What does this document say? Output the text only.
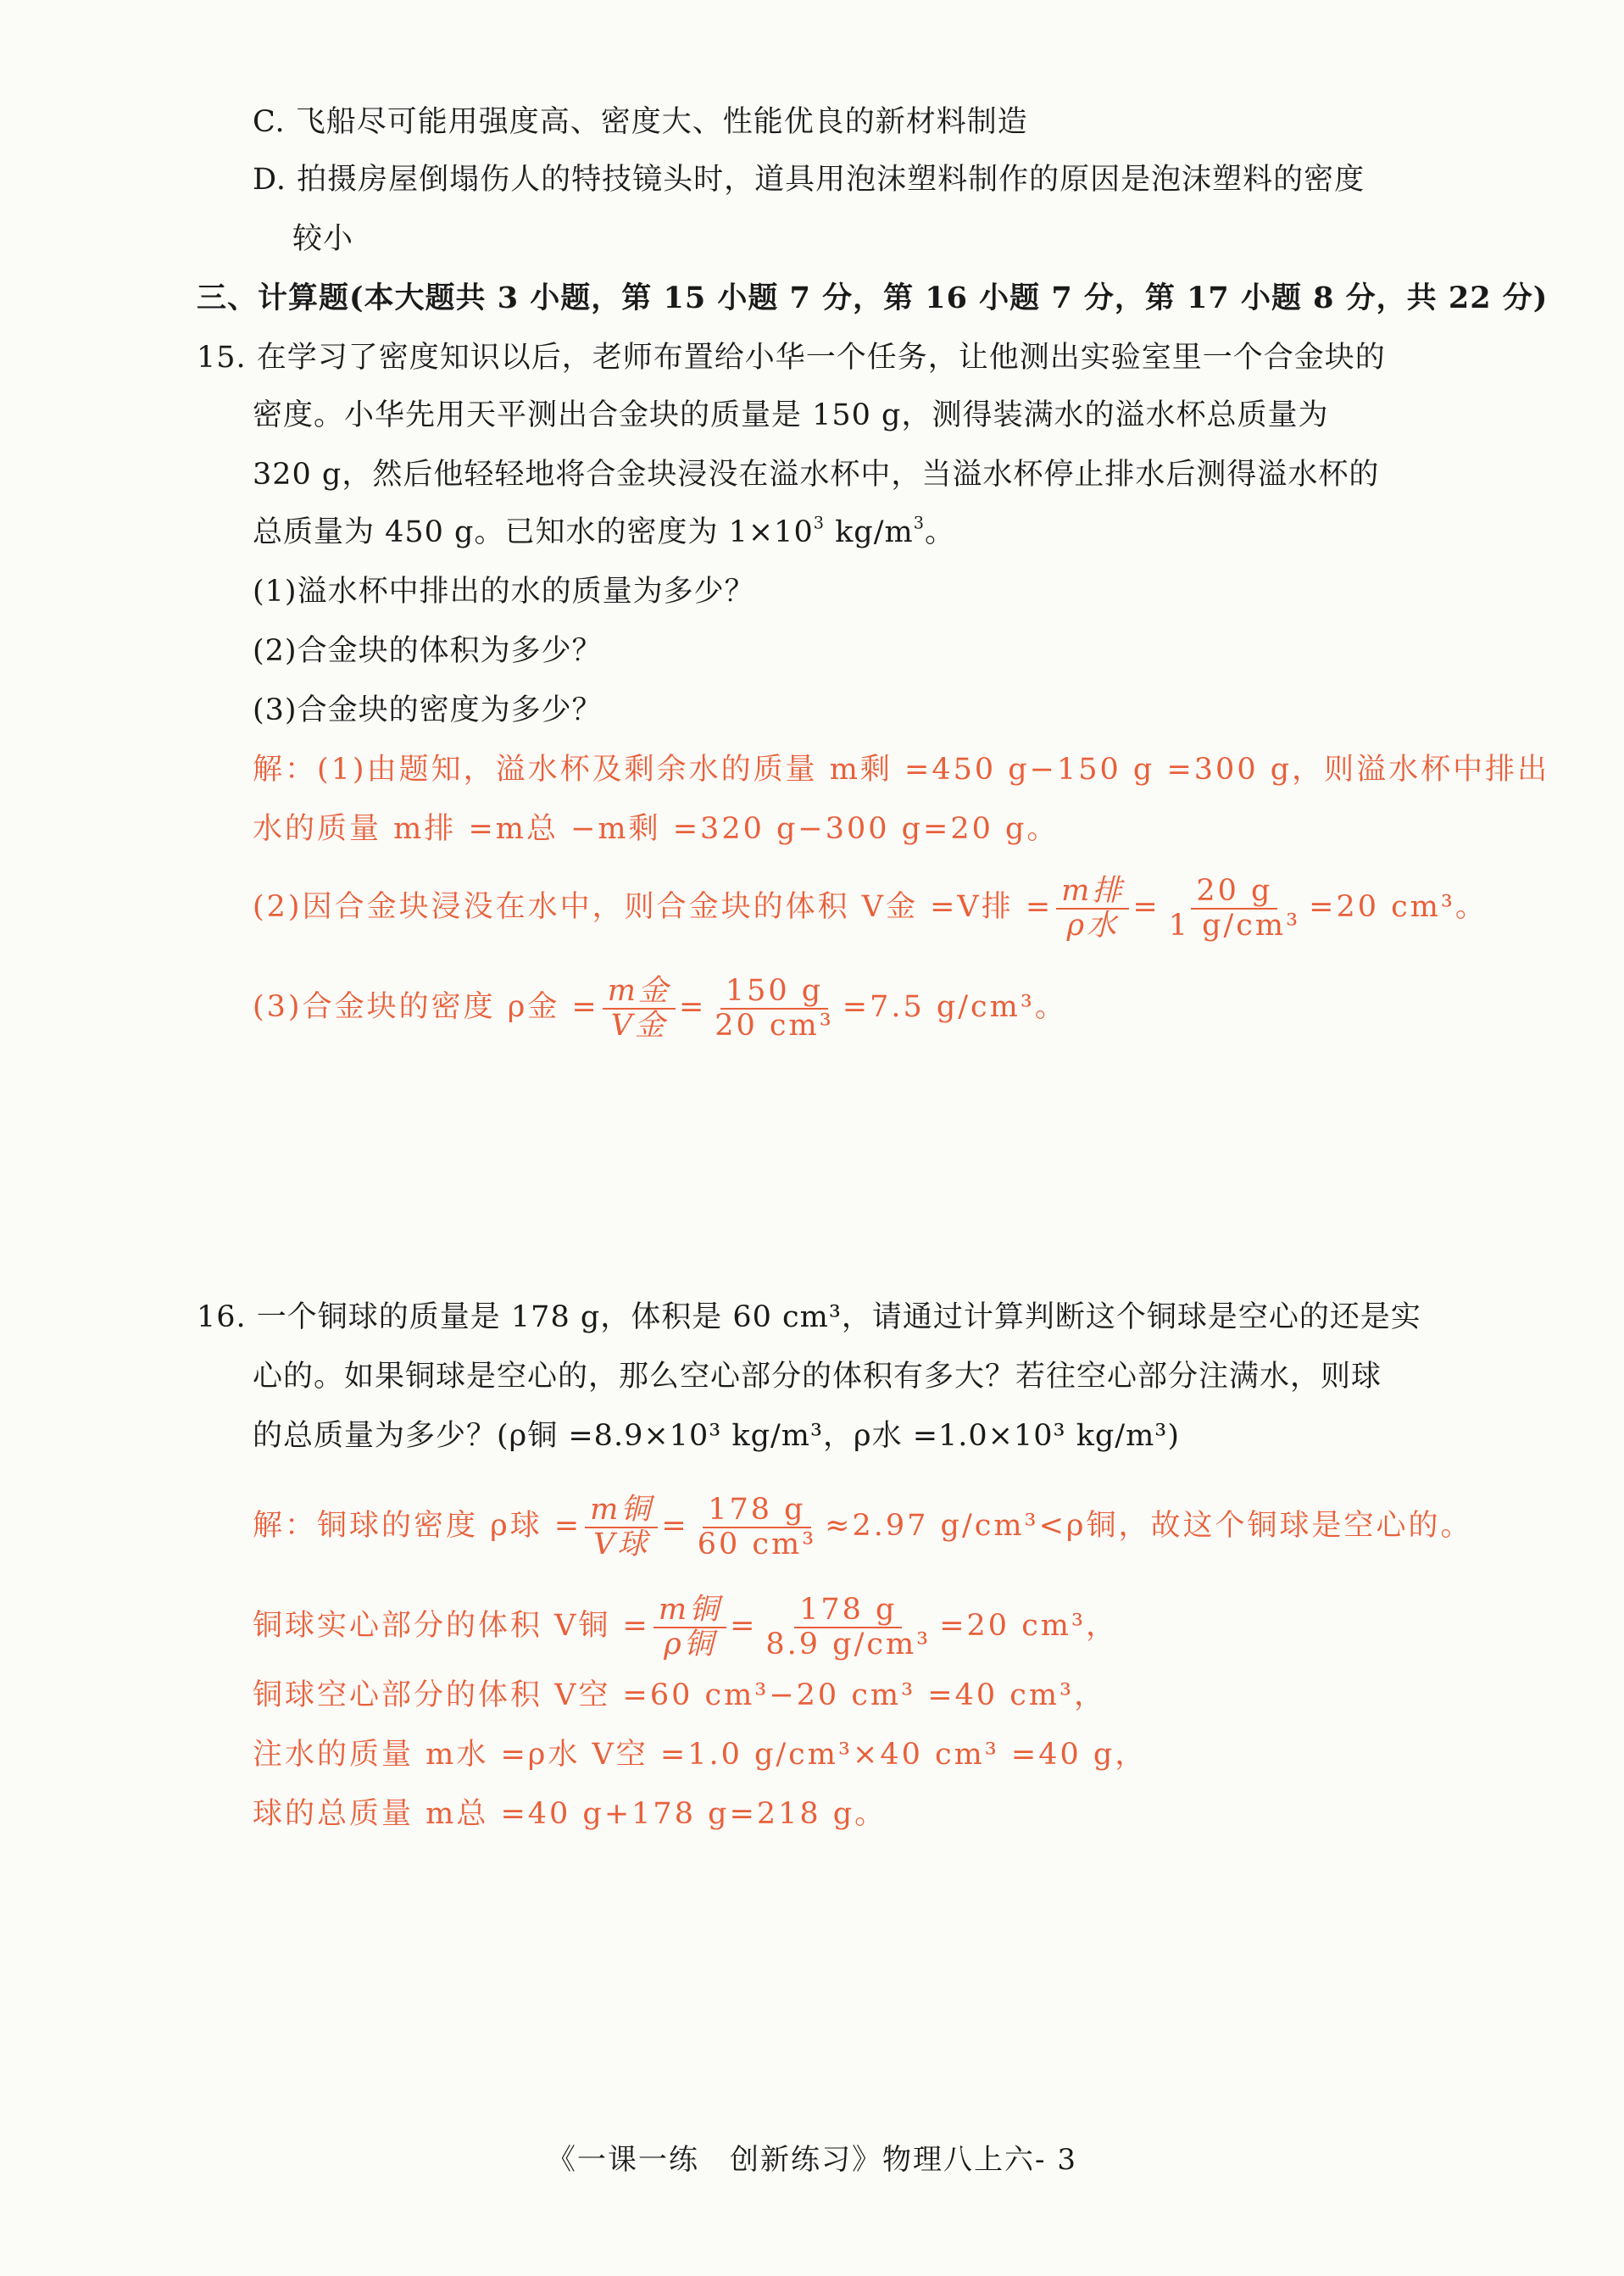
C. 飞船尽可能用强度高、密度大、性能优良的新材料制造
D. 拍摄房屋倒塌伤人的特技镜头时，道具用泡沫塑料制作的原因是泡沫塑料的密度
较小
三、计算题(本大题共 3 小题，第 15 小题 7 分，第 16 小题 7 分，第 17 小题 8 分，共 22 分)
15. 在学习了密度知识以后，老师布置给小华一个任务，让他测出实验室里一个合金块的
密度。小华先用天平测出合金块的质量是 150 g，测得装满水的溢水杯总质量为
320 g，然后他轻轻地将合金块浸没在溢水杯中，当溢水杯停止排水后测得溢水杯的
总质量为 450 g。已知水的密度为 $1\times 10^3$ $kg/m^3$。
(1)溢水杯中排出的水的质量为多少？
(2)合金块的体积为多少？
(3)合金块的密度为多少？
解：(1)由题知，溢水杯及剩余水的质量 m剩 =450 g−150 g =300 g，则溢水杯中排出
水的质量 m排 =m总 −m剩 =320 g−300 g=20 g。
(2)因合金块浸没在水中，则合金块的体积 V金 =V排 = $\frac{\text{m排}}{\text{ρ水}} = \frac{20 g}{\text{1 g/cm³}} =20$ cm³。
(3)合金块的密度 ρ金 = $\frac{\text{m金}}{\text{V金}} = \frac{150 g}{\text{20 cm³}} =7.5$ g/cm³。
16. 一个铜球的质量是 178 g，体积是 60 cm³，请通过计算判断这个铜球是空心的还是实
心的。如果铜球是空心的，那么空心部分的体积有多大？若往空心部分注满水，则球
的总质量为多少？(ρ铜 =8.9×10³ kg/m³，ρ水 =1.0×10³ kg/m³)
解：铜球的密度 ρ球 = $\frac{\text{m铜}}{\text{V球}} = \frac{178 g}{\text{60 cm³}} \approx 2.97$ g/cm³<ρ铜，故这个铜球是空心的。
铜球实心部分的体积 V铜 = $\frac{\text{m铜}}{\text{ρ铜}} = \frac{178 g}{\text{8.9 g/cm³}} =20$ cm³，
铜球空心部分的体积 V空 =60 cm³−20 cm³ =40 cm³，
注水的质量 m水 =ρ水 V空 =1.0 g/cm³×40 cm³ =40 g，
球的总质量 m总 =40 g+178 g=218 g。
《一课一练　创新练习》物理八上六- 3
